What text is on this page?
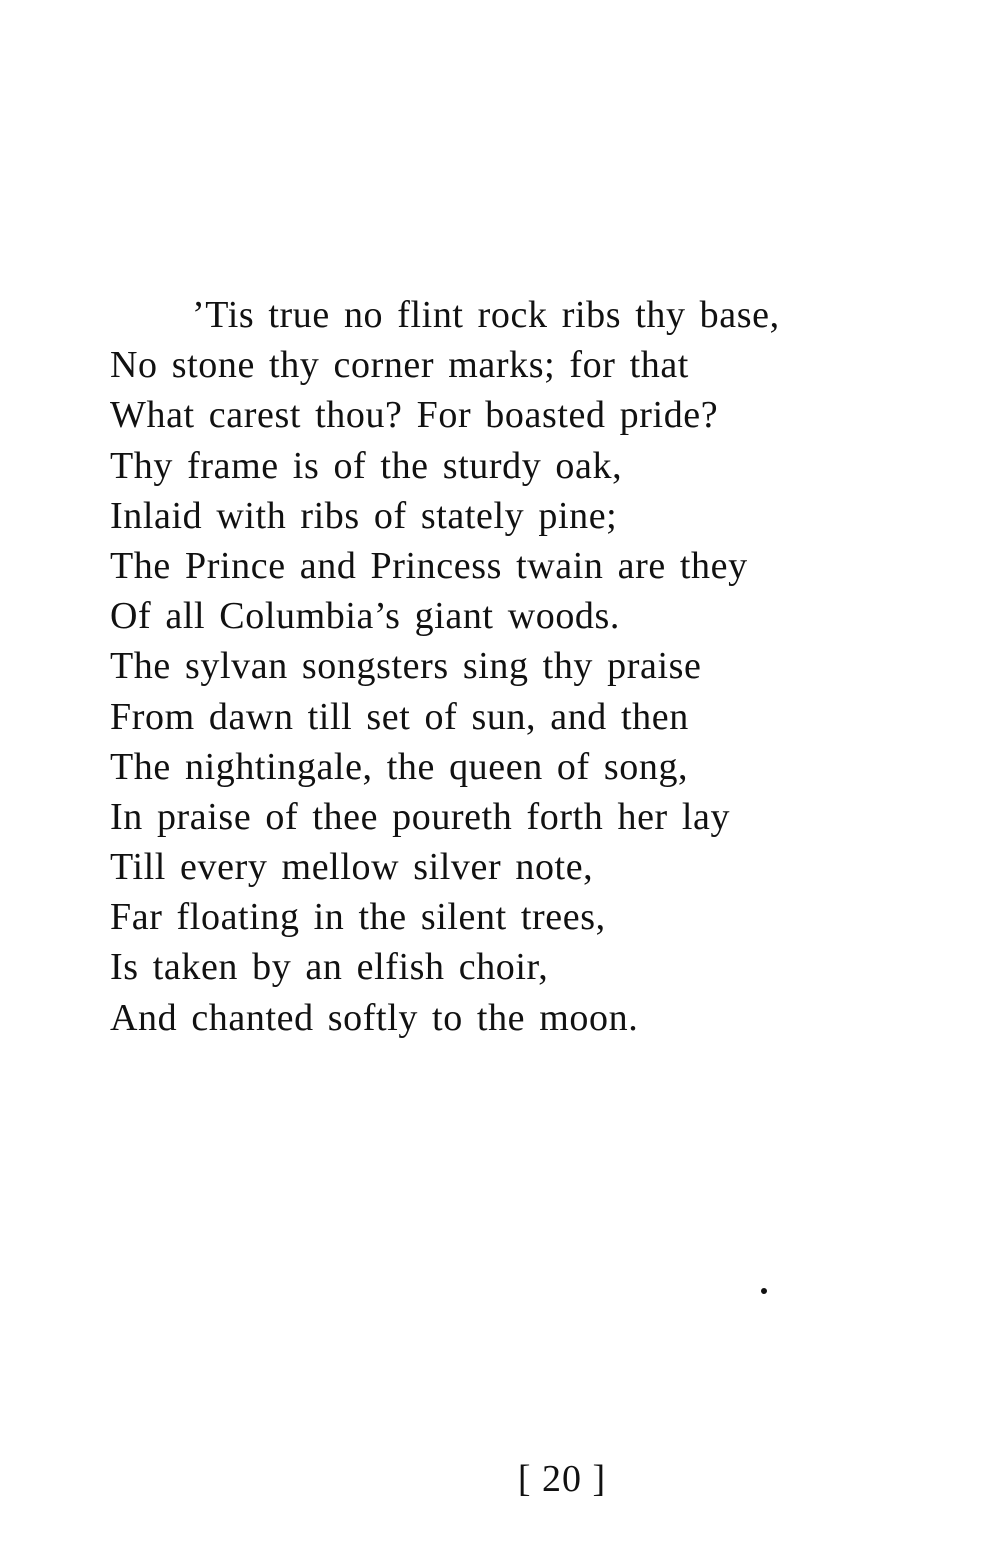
’Tis true no flint rock ribs thy base,
No stone thy corner marks; for that
What carest thou? For boasted pride?
Thy frame is of the sturdy oak,
Inlaid with ribs of stately pine;
The Prince and Princess twain are they
Of all Columbia’s giant woods.
The sylvan songsters sing thy praise
From dawn till set of sun, and then
The nightingale, the queen of song,
In praise of thee poureth forth her lay
Till every mellow silver note,
Far floating in the silent trees,
Is taken by an elfish choir,
And chanted softly to the moon.
[ 20 ]
